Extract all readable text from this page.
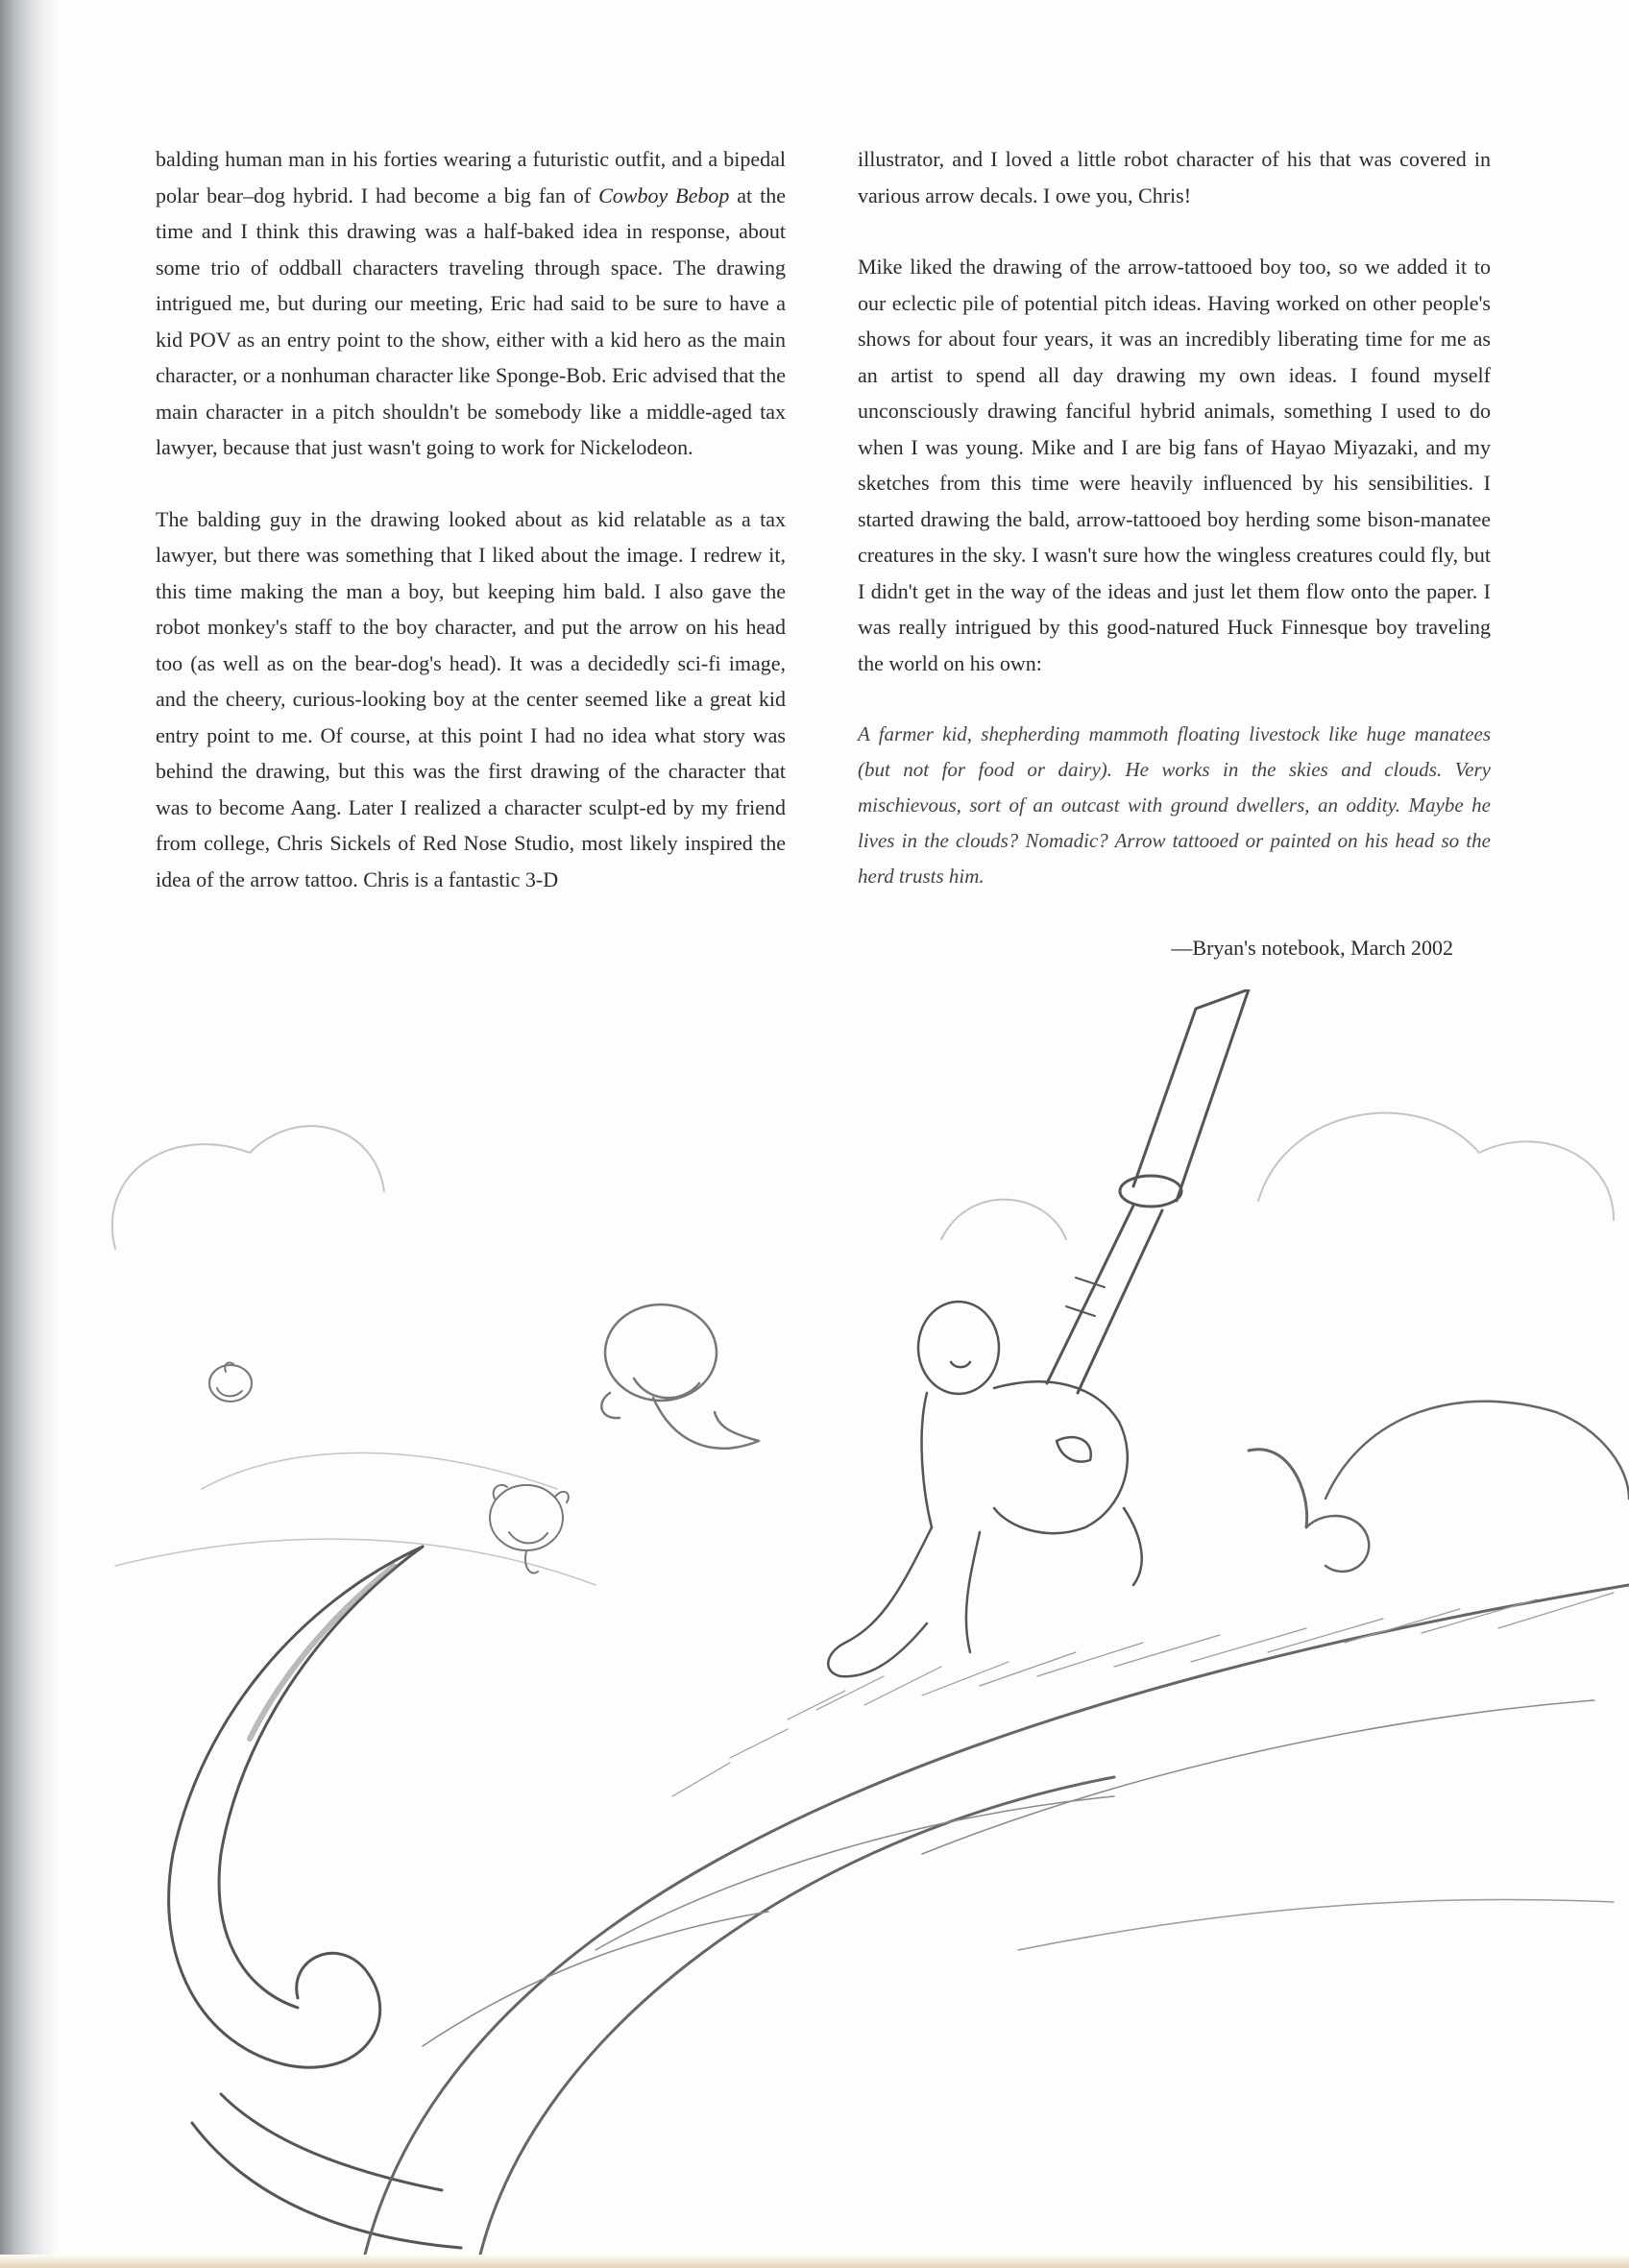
balding human man in his forties wearing a futuristic outfit, and a bipedal polar bear–dog hybrid. I had become a big fan of Cowboy Bebop at the time and I think this drawing was a half-baked idea in response, about some trio of oddball characters traveling through space. The drawing intrigued me, but during our meeting, Eric had said to be sure to have a kid POV as an entry point to the show, either with a kid hero as the main character, or a nonhuman character like Sponge-Bob. Eric advised that the main character in a pitch shouldn't be somebody like a middle-aged tax lawyer, because that just wasn't going to work for Nickelodeon.

The balding guy in the drawing looked about as kid relatable as a tax lawyer, but there was something that I liked about the image. I redrew it, this time making the man a boy, but keeping him bald. I also gave the robot monkey's staff to the boy character, and put the arrow on his head too (as well as on the bear-dog's head). It was a decidedly sci-fi image, and the cheery, curious-looking boy at the center seemed like a great kid entry point to me. Of course, at this point I had no idea what story was behind the drawing, but this was the first drawing of the character that was to become Aang. Later I realized a character sculpt-ed by my friend from college, Chris Sickels of Red Nose Studio, most likely inspired the idea of the arrow tattoo. Chris is a fantastic 3-D

illustrator, and I loved a little robot character of his that was covered in various arrow decals. I owe you, Chris!

Mike liked the drawing of the arrow-tattooed boy too, so we added it to our eclectic pile of potential pitch ideas. Having worked on other people's shows for about four years, it was an incredibly liberating time for me as an artist to spend all day drawing my own ideas. I found myself unconsciously drawing fanciful hybrid animals, something I used to do when I was young. Mike and I are big fans of Hayao Miyazaki, and my sketches from this time were heavily influenced by his sensibilities. I started drawing the bald, arrow-tattooed boy herding some bison-manatee creatures in the sky. I wasn't sure how the wingless creatures could fly, but I didn't get in the way of the ideas and just let them flow onto the paper. I was really intrigued by this good-natured Huck Finnesque boy traveling the world on his own:

A farmer kid, shepherding mammoth floating livestock like huge manatees (but not for food or dairy). He works in the skies and clouds. Very mischievous, sort of an outcast with ground dwellers, an oddity. Maybe he lives in the clouds? Nomadic? Arrow tattooed or painted on his head so the herd trusts him.

—Bryan's notebook, March 2002
